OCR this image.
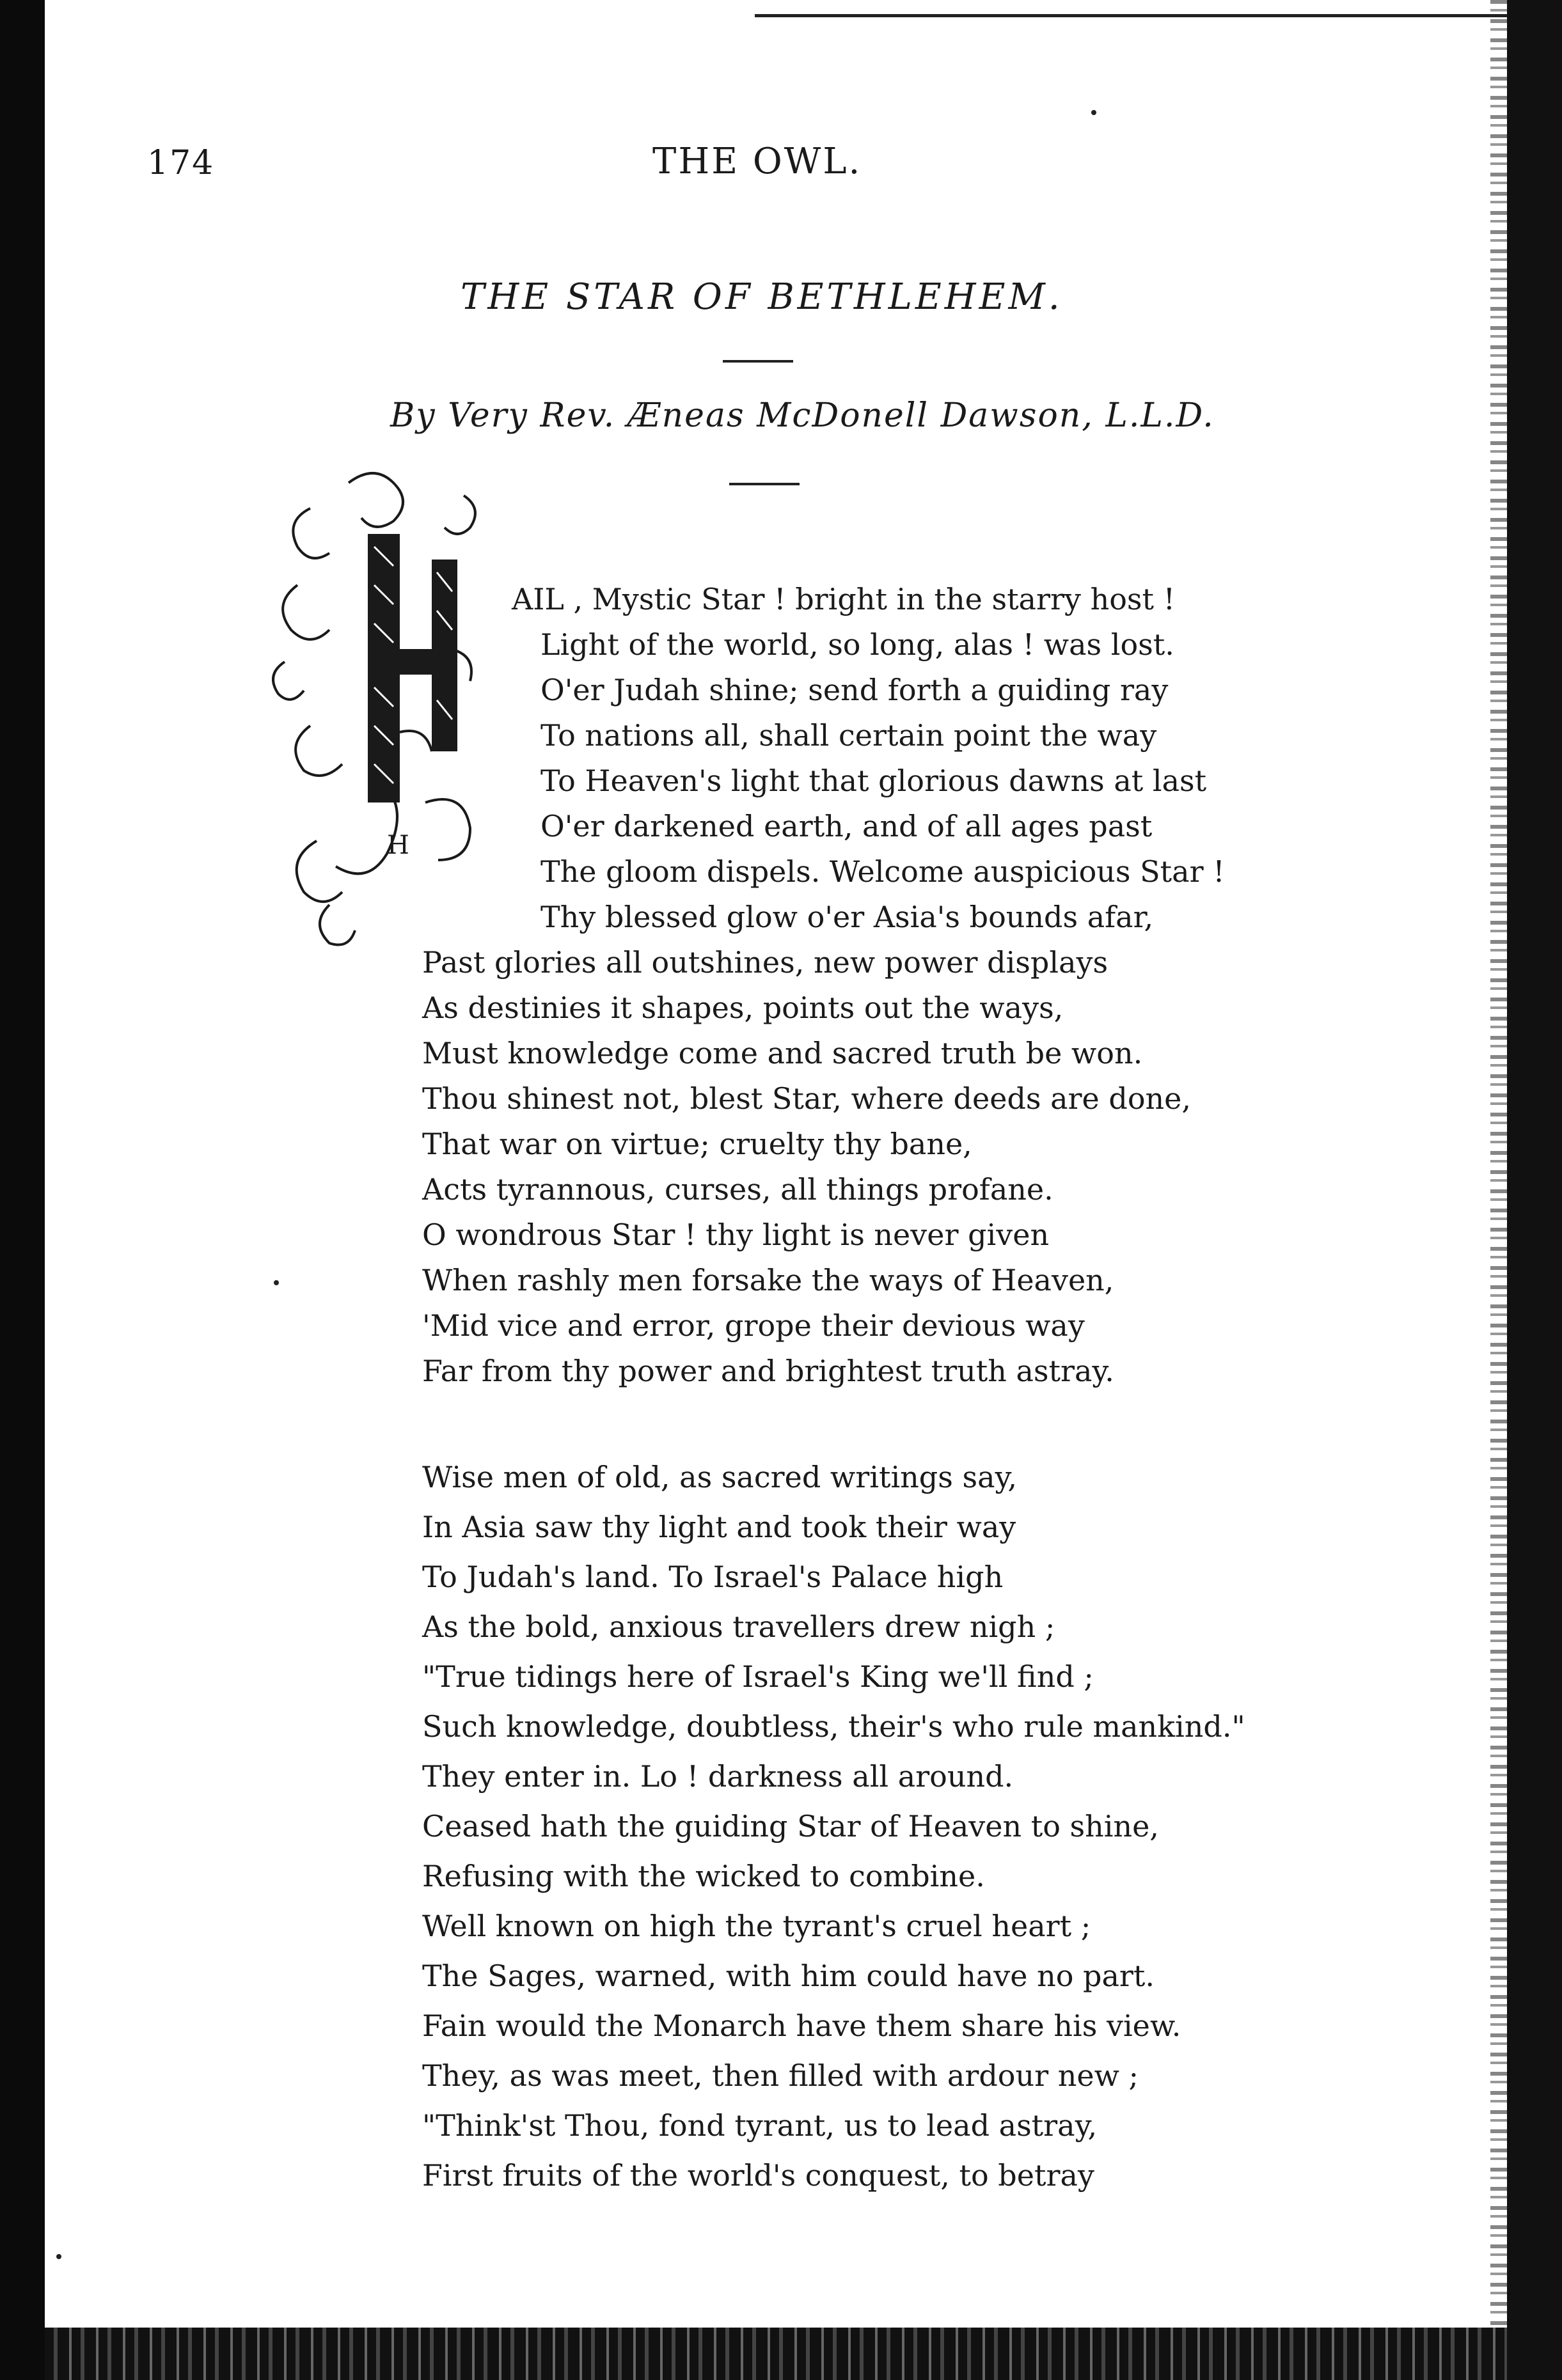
174	THE OWL.
THE STAR OF BETHLEHEM.
By Very Rev. Æneas McDonell Dawson, L.L.D.
H
AIL , Mystic Star ! bright in the starry host !
Light of the world, so long, alas ! was lost.
O'er Judah shine; send forth a guiding ray
To nations all, shall certain point the way
To Heaven's light that glorious dawns at last
O'er darkened earth, and of all ages past
The gloom dispels. Welcome auspicious Star !
Thy blessed glow o'er Asia's bounds afar,
Past glories all outshines, new power displays
As destinies it shapes, points out the ways,
Must knowledge come and sacred truth be won.
Thou shinest not, blest Star, where deeds are done,
That war on virtue; cruelty thy bane,
Acts tyrannous, curses, all things profane.
O wondrous Star ! thy light is never given
When rashly men forsake the ways of Heaven,
'Mid vice and error, grope their devious way
Far from thy power and brightest truth astray.
Wise men of old, as sacred writings say,
In Asia saw thy light and took their way
To Judah's land. To Israel's Palace high
As the bold, anxious travellers drew nigh ;
"True tidings here of Israel's King we'll find ;
Such knowledge, doubtless, their's who rule mankind."
They enter in. Lo ! darkness all around.
Ceased hath the guiding Star of Heaven to shine,
Refusing with the wicked to combine.
Well known on high the tyrant's cruel heart ;
The Sages, warned, with him could have no part.
Fain would the Monarch have them share his view.
They, as was meet, then filled with ardour new ;
"Think'st Thou, fond tyrant, us to lead astray,
First fruits of the world's conquest, to betray
